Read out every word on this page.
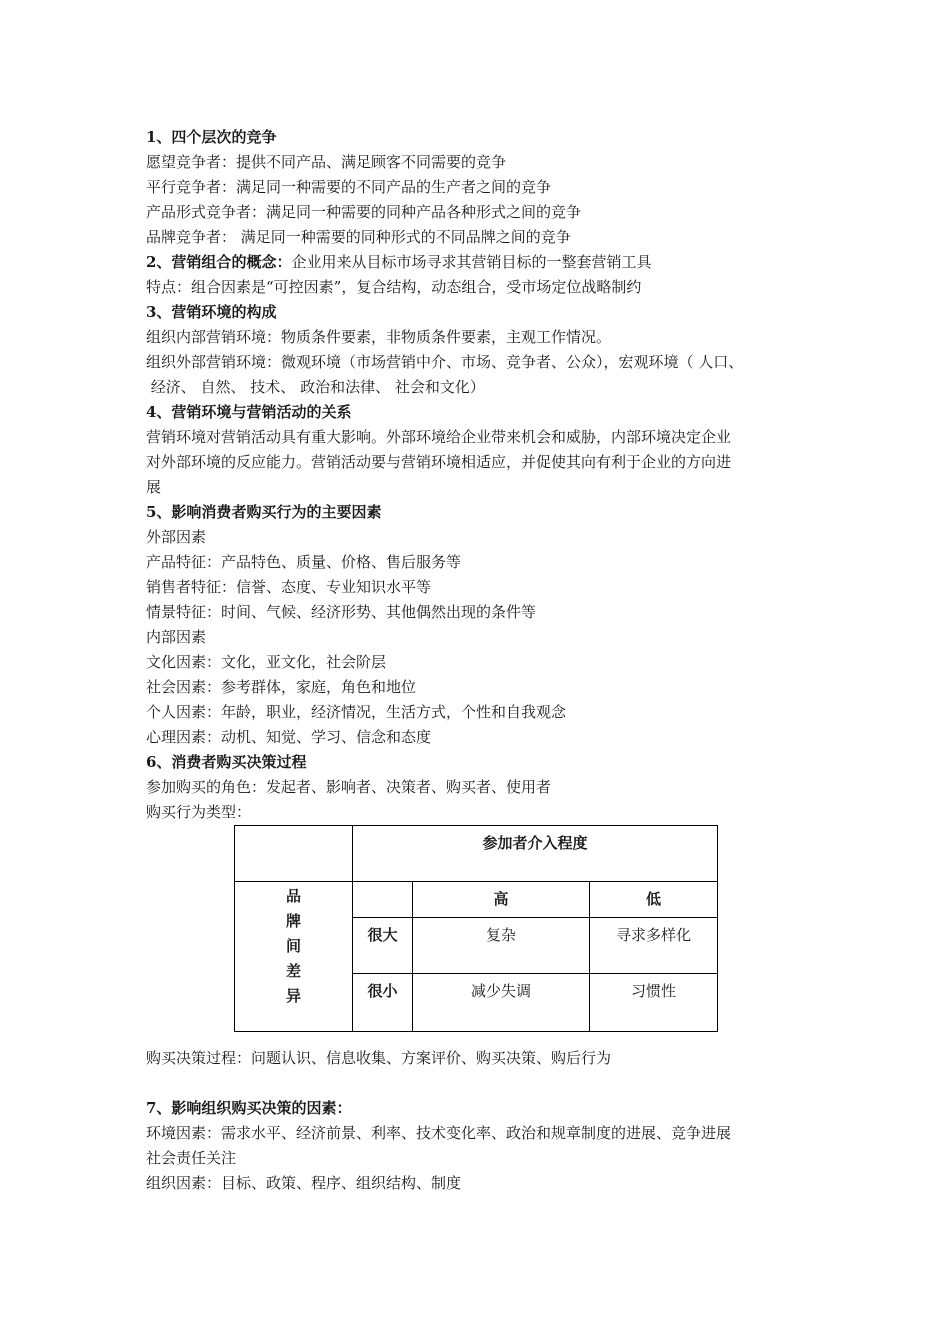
1、四个层次的竞争
愿望竞争者：提供不同产品、满足顾客不同需要的竞争
平行竞争者：满足同一种需要的不同产品的生产者之间的竞争
产品形式竞争者：满足同一种需要的同种产品各种形式之间的竞争
品牌竞争者： 满足同一种需要的同种形式的不同品牌之间的竞争
2、营销组合的概念：企业用来从目标市场寻求其营销目标的一整套营销工具
特点：组合因素是“可控因素”，复合结构，动态组合，受市场定位战略制约
3、营销环境的构成
组织内部营销环境：物质条件要素，非物质条件要素，主观工作情况。
组织外部营销环境：微观环境（市场营销中介、市场、竞争者、公众），宏观环境（ 人口、
经济、 自然、 技术、 政治和法律、 社会和文化）
4、营销环境与营销活动的关系
营销环境对营销活动具有重大影响。外部环境给企业带来机会和威胁，内部环境决定企业
对外部环境的反应能力。营销活动要与营销环境相适应，并促使其向有利于企业的方向进
展
5、影响消费者购买行为的主要因素
外部因素
产品特征：产品特色、质量、价格、售后服务等
销售者特征：信誉、态度、专业知识水平等
情景特征：时间、气候、经济形势、其他偶然出现的条件等
内部因素
文化因素：文化，亚文化，社会阶层
社会因素：参考群体，家庭，角色和地位
个人因素：年龄，职业，经济情况，生活方式，个性和自我观念
心理因素：动机、知觉、学习、信念和态度
6、消费者购买决策过程
参加购买的角色：发起者、影响者、决策者、购买者、使用者
购买行为类型：

	参加者介入程度		

品
牌
间
差
异		高	低

	很大	复杂	寻求多样化

	很小	减少失调	习惯性
购买决策过程：问题认识、信息收集、方案评价、购买决策、购后行为
7、影响组织购买决策的因素：
环境因素：需求水平、经济前景、利率、技术变化率、政治和规章制度的进展、竞争进展
社会责任关注
组织因素：目标、政策、程序、组织结构、制度
